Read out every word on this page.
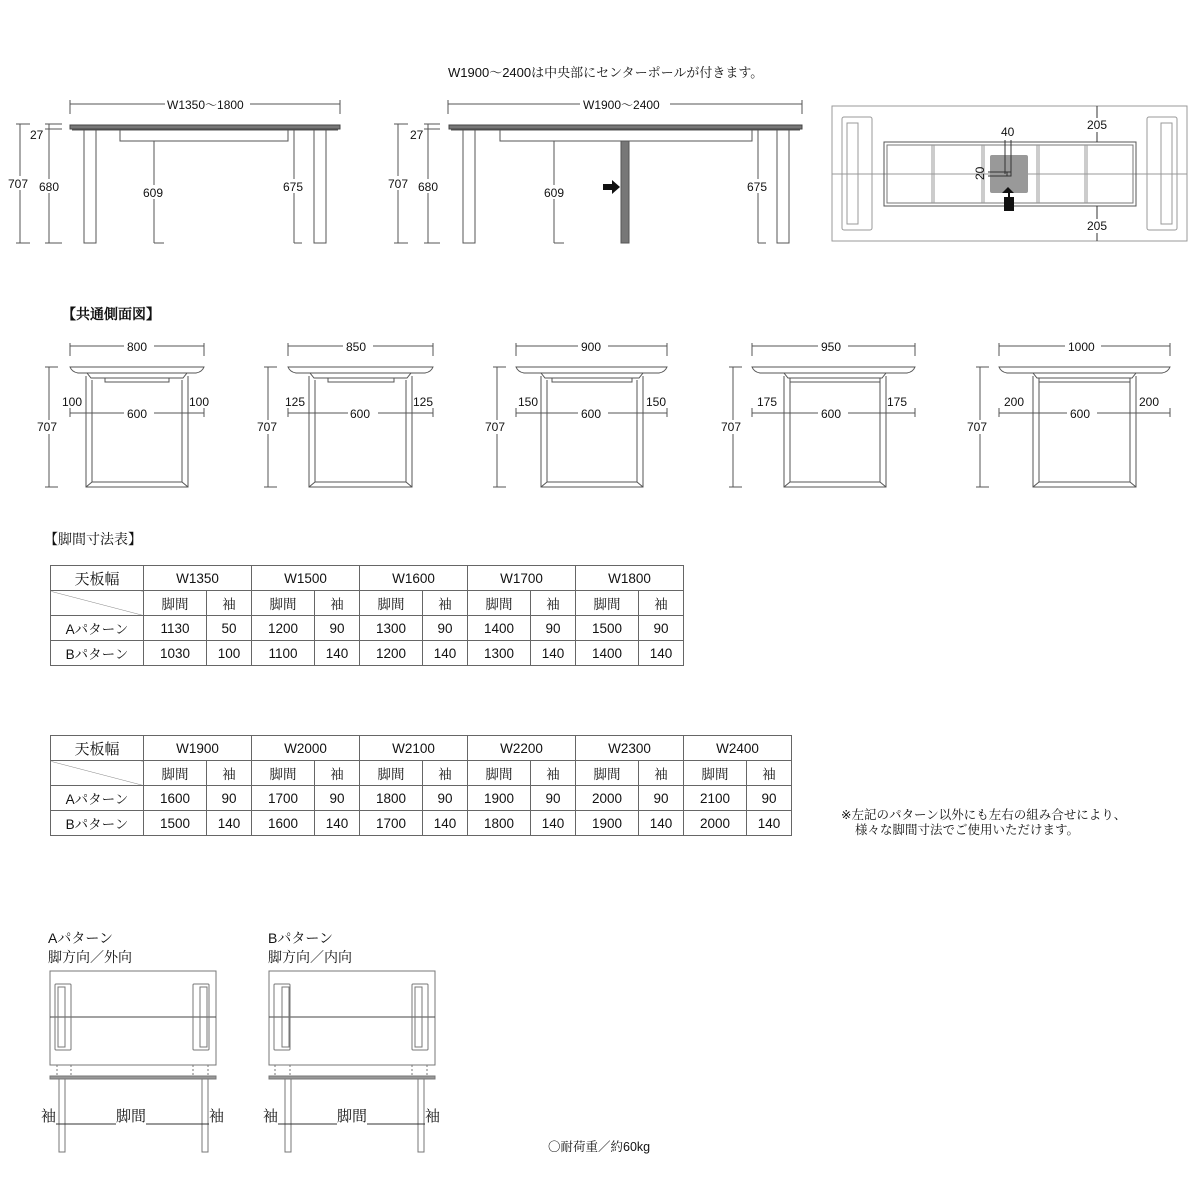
W1900〜2400は中央部にセンターポールが付きます。
W1350〜1800
707
27
680	609	675
W1900〜2400
707
27
680	609	675
205
205
40
20
800	850	900	950	1000
100	100
600
707
125	125
600
707
150	150
600
707
175	175
600
707
200	200
600
707
Aパターン
脚方向／外向
Bパターン
脚方向／内向
袖	脚間	袖	袖	脚間	袖
【共通側面図】
【脚間寸法表】
天板幅	W1350		W1500		W1600		W1700		W1800	
	脚間	袖	脚間	袖	脚間	袖	脚間	袖	脚間	袖
Aパターン	1130	50	1200	90	1300	90	1400	90	1500	90
Bパターン	1030	100	1100	140	1200	140	1300	140	1400	140
天板幅	W1900		W2000		W2100		W2200		W2300		W2400	
	脚間	袖	脚間	袖	脚間	袖	脚間	袖	脚間	袖	脚間	袖
Aパターン	1600	90	1700	90	1800	90	1900	90	2000	90	2100	90
Bパターン	1500	140	1600	140	1700	140	1800	140	1900	140	2000	140
※左記のパターン以外にも左右の組み合せにより、
様々な脚間寸法でご使用いただけます。
〇耐荷重／約60kg
